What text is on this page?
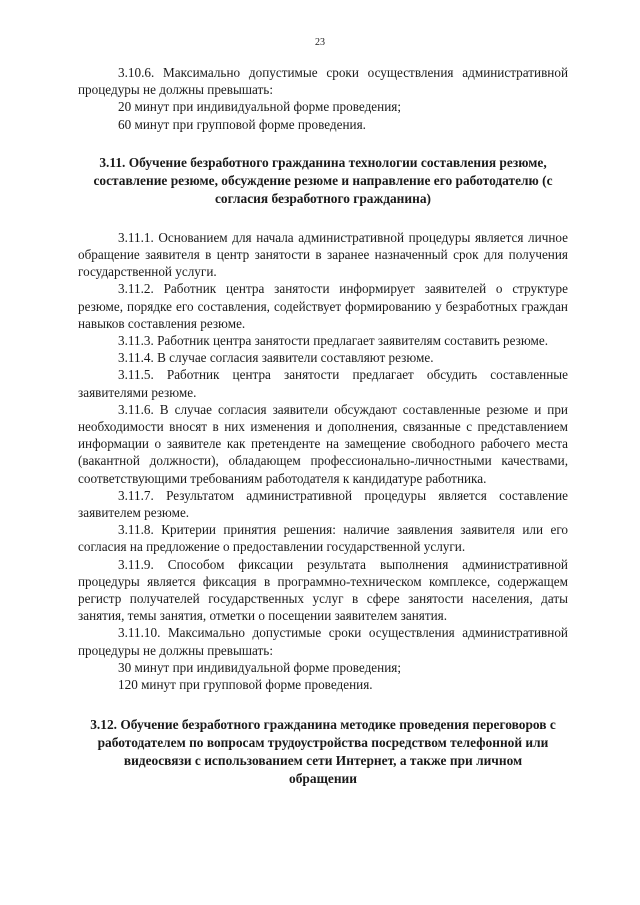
23

3.10.6. Максимально допустимые сроки осуществления административной процедуры не должны превышать:

20 минут при индивидуальной форме проведения;

60 минут при групповой форме проведения.

3.11. Обучение безработного гражданина технологии составления резюме, составление резюме, обсуждение резюме и направление его работодателю (с согласия безработного гражданина)

3.11.1. Основанием для начала административной процедуры является личное обращение заявителя в центр занятости в заранее назначенный срок для получения государственной услуги.

3.11.2. Работник центра занятости информирует заявителей о структуре резюме, порядке его составления, содействует формированию у безработных граждан навыков составления резюме.

3.11.3. Работник центра занятости предлагает заявителям составить резюме.

3.11.4. В случае согласия заявители составляют резюме.

3.11.5. Работник центра занятости предлагает обсудить составленные заявителями резюме.

3.11.6. В случае согласия заявители обсуждают составленные резюме и при необходимости вносят в них изменения и дополнения, связанные с представлением информации о заявителе как претенденте на замещение свободного рабочего места (вакантной должности), обладающем профессионально-личностными качествами, соответствующими требованиям работодателя к кандидатуре работника.

3.11.7. Результатом административной процедуры является составление заявителем резюме.

3.11.8. Критерии принятия решения: наличие заявления заявителя или его согласия на предложение о предоставлении государственной услуги.

3.11.9. Способом фиксации результата выполнения административной процедуры является фиксация в программно-техническом комплексе, содержащем регистр получателей государственных услуг в сфере занятости населения, даты занятия, темы занятия, отметки о посещении заявителем занятия.

3.11.10. Максимально допустимые сроки осуществления административной процедуры не должны превышать:

30 минут при индивидуальной форме проведения;

120 минут при групповой форме проведения.

3.12. Обучение безработного гражданина методике проведения переговоров с работодателем по вопросам трудоустройства посредством телефонной или видеосвязи с использованием сети Интернет, а также при личном обращении
